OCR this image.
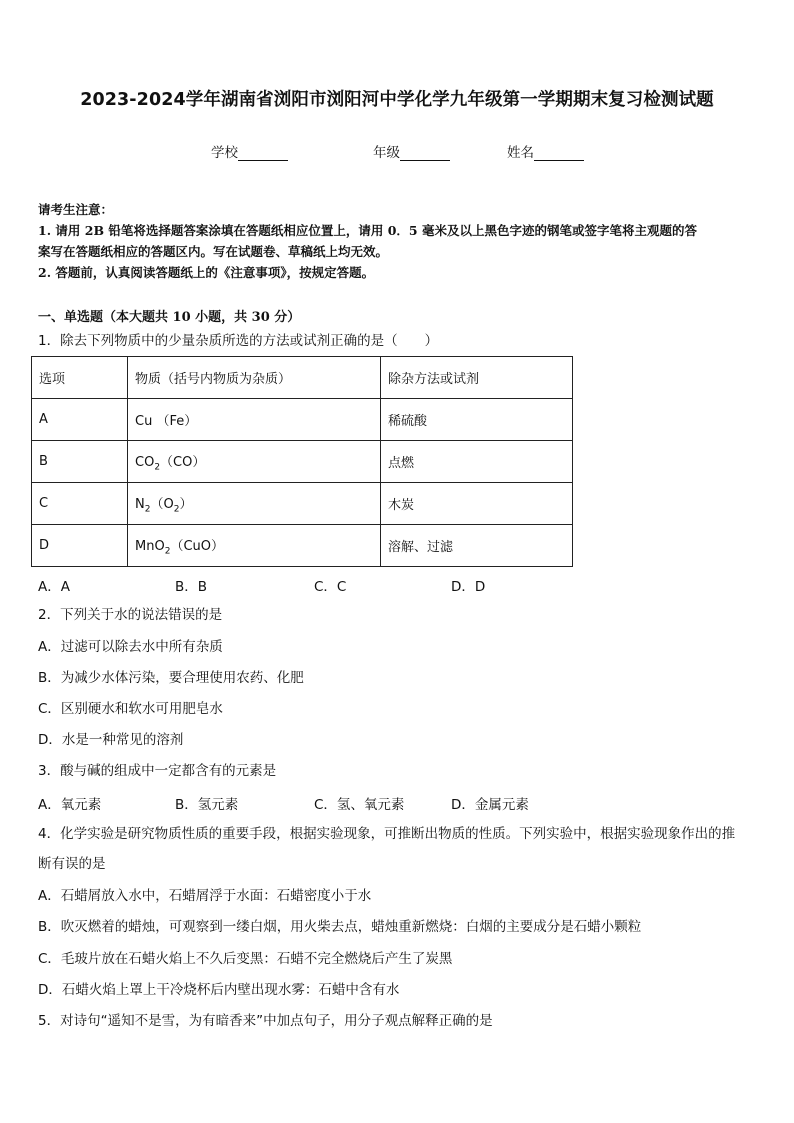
2023-2024学年湖南省浏阳市浏阳河中学化学九年级第一学期期末复习检测试题
学校	年级	姓名
请考生注意：
1. 请用 2B 铅笔将选择题答案涂填在答题纸相应位置上，请用 0．5 毫米及以上黑色字迹的钢笔或签字笔将主观题的答
案写在答题纸相应的答题区内。写在试题卷、草稿纸上均无效。
2. 答题前，认真阅读答题纸上的《注意事项》，按规定答题。
一、单选题（本大题共 10 小题，共 30 分）
1．除去下列物质中的少量杂质所选的方法或试剂正确的是（　　）
选项	物质（括号内物质为杂质）	除杂方法或试剂
A	Cu （Fe）	稀硫酸
B	$CO_2(CO)$	点燃
C	$N_2(O_2)$	木炭
D	MnO$_2$（CuO）	溶解、过滤
A．A	B．B	C．C	D．D
2．下列关于水的说法错误的是
A．过滤可以除去水中所有杂质
B．为减少水体污染，要合理使用农药、化肥
C．区别硬水和软水可用肥皂水
D．水是一种常见的溶剂
3．酸与碱的组成中一定都含有的元素是
A．氧元素	B．氢元素	C．氢、氧元素	D．金属元素
4．化学实验是研究物质性质的重要手段，根据实验现象，可推断出物质的性质。下列实验中，根据实验现象作出的推
断有误的是
A．石蜡屑放入水中，石蜡屑浮于水面：石蜡密度小于水
B．吹灭燃着的蜡烛，可观察到一缕白烟，用火柴去点，蜡烛重新燃烧：白烟的主要成分是石蜡小颗粒
C．毛玻片放在石蜡火焰上不久后变黑：石蜡不完全燃烧后产生了炭黑
D．石蜡火焰上罩上干冷烧杯后内壁出现水雾：石蜡中含有水
5．对诗句“遥知不是雪，为有暗香来”中加点句子，用分子观点解释正确的是
